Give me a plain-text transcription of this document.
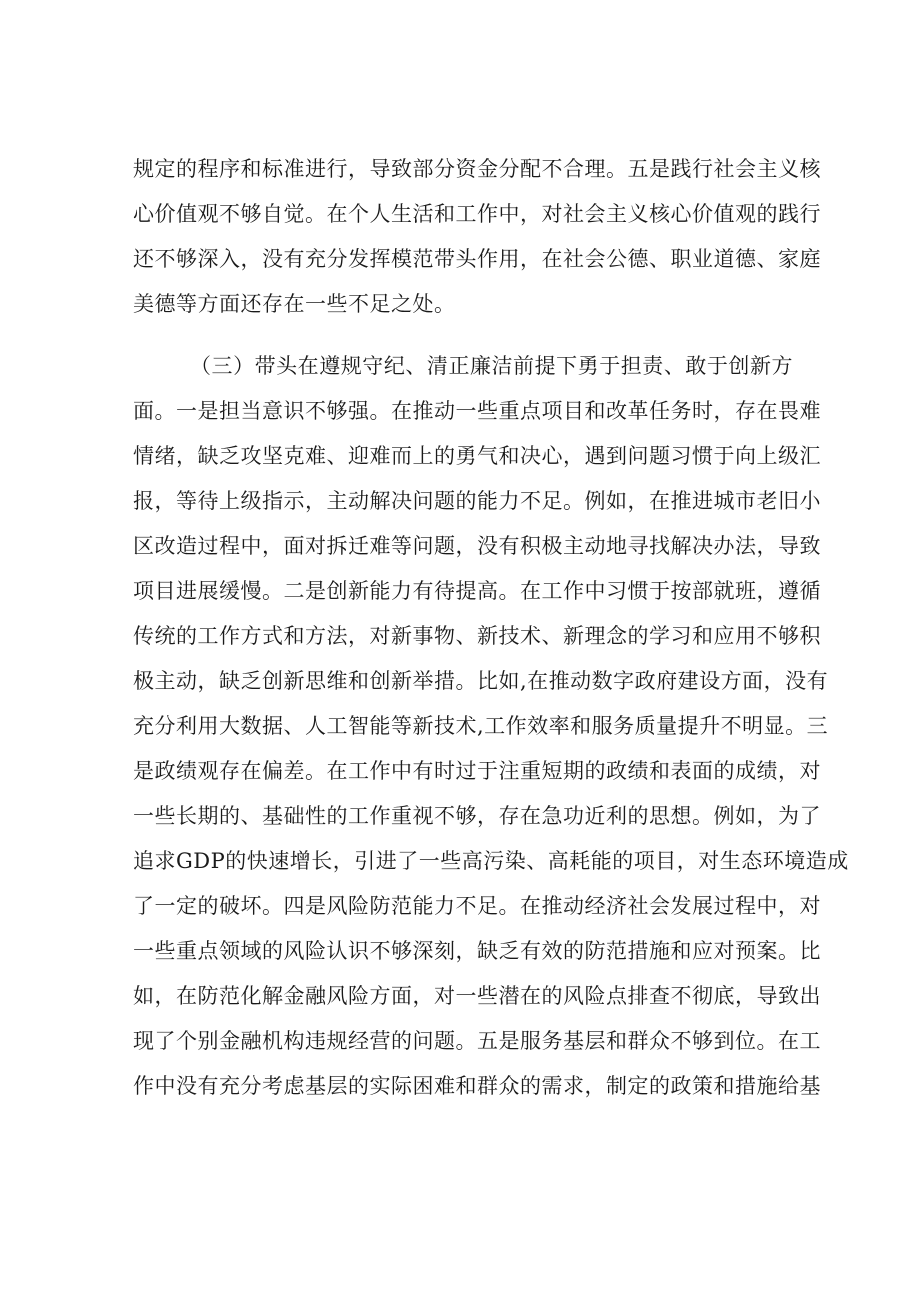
规定的程序和标准进行，导致部分资金分配不合理。五是践行社会主义核
心价值观不够自觉。在个人生活和工作中，对社会主义核心价值观的践行
还不够深入，没有充分发挥模范带头作用，在社会公德、职业道德、家庭
美德等方面还存在一些不足之处。
（三）带头在遵规守纪、清正廉洁前提下勇于担责、敢于创新方
面。一是担当意识不够强。在推动一些重点项目和改革任务时，存在畏难
情绪，缺乏攻坚克难、迎难而上的勇气和决心，遇到问题习惯于向上级汇
报，等待上级指示，主动解决问题的能力不足。例如，在推进城市老旧小
区改造过程中，面对拆迁难等问题，没有积极主动地寻找解决办法，导致
项目进展缓慢。二是创新能力有待提高。在工作中习惯于按部就班，遵循
传统的工作方式和方法，对新事物、新技术、新理念的学习和应用不够积
极主动，缺乏创新思维和创新举措。比如,在推动数字政府建设方面，没有
充分利用大数据、人工智能等新技术,工作效率和服务质量提升不明显。三
是政绩观存在偏差。在工作中有时过于注重短期的政绩和表面的成绩，对
一些长期的、基础性的工作重视不够，存在急功近利的思想。例如，为了
追求GDP的快速增长，引进了一些高污染、高耗能的项目，对生态环境造成
了一定的破坏。四是风险防范能力不足。在推动经济社会发展过程中，对
一些重点领域的风险认识不够深刻，缺乏有效的防范措施和应对预案。比
如，在防范化解金融风险方面，对一些潜在的风险点排查不彻底，导致出
现了个别金融机构违规经营的问题。五是服务基层和群众不够到位。在工
作中没有充分考虑基层的实际困难和群众的需求，制定的政策和措施给基
